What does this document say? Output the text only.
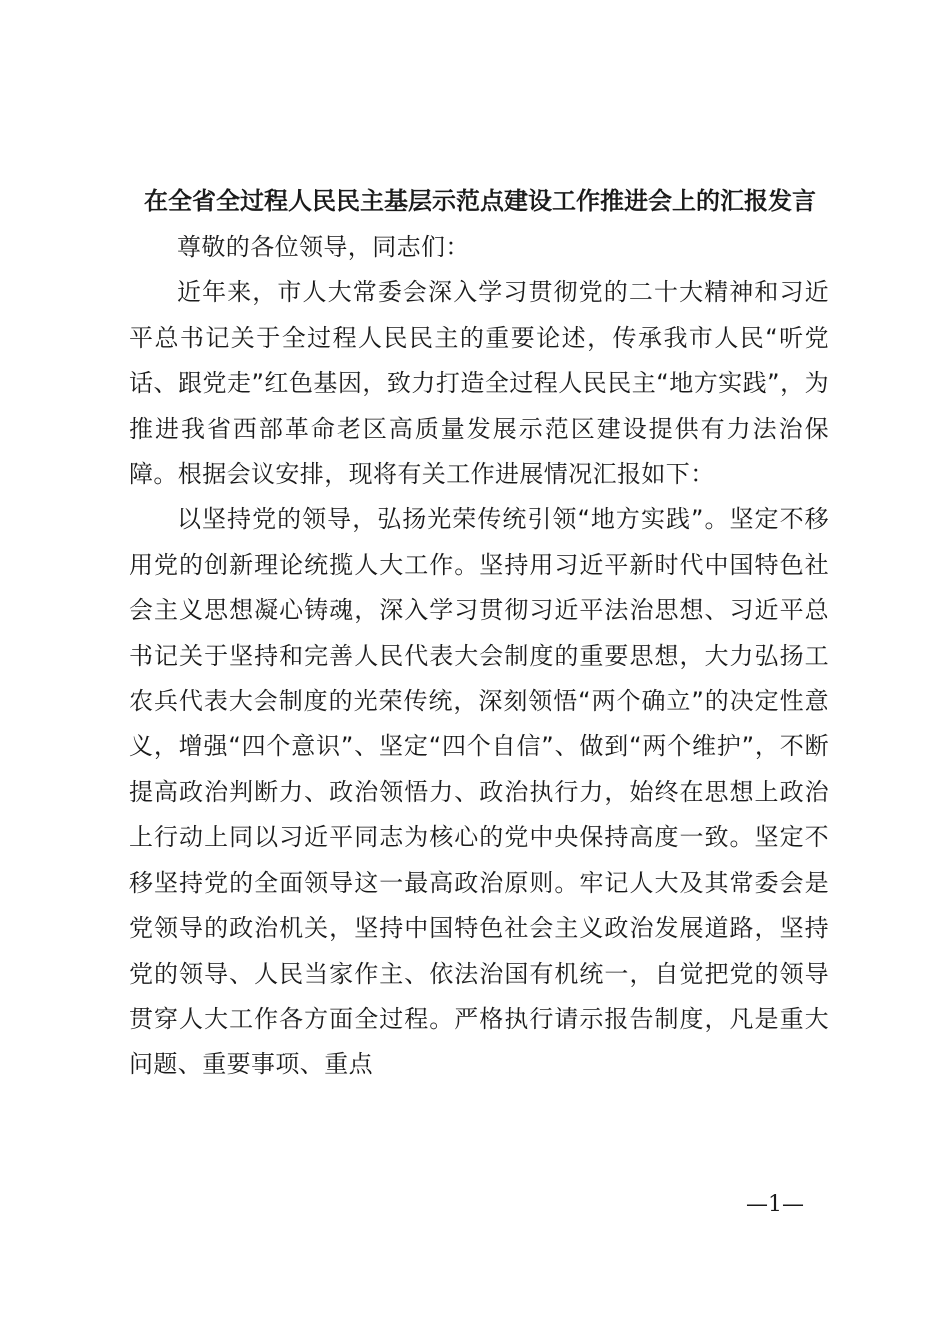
在全省全过程人民民主基层示范点建设工作推进会上的汇报发言

尊敬的各位领导，同志们：

近年来，市人大常委会深入学习贯彻党的二十大精神和习近平总书记关于全过程人民民主的重要论述，传承我市人民“听党话、跟党走”红色基因，致力打造全过程人民民主“地方实践”，为推进我省西部革命老区高质量发展示范区建设提供有力法治保障。根据会议安排，现将有关工作进展情况汇报如下：

以坚持党的领导，弘扬光荣传统引领“地方实践”。坚定不移用党的创新理论统揽人大工作。坚持用习近平新时代中国特色社会主义思想凝心铸魂，深入学习贯彻习近平法治思想、习近平总书记关于坚持和完善人民代表大会制度的重要思想，大力弘扬工农兵代表大会制度的光荣传统，深刻领悟“两个确立”的决定性意义，增强“四个意识”、坚定“四个自信”、做到“两个维护”，不断提高政治判断力、政治领悟力、政治执行力，始终在思想上政治上行动上同以习近平同志为核心的党中央保持高度一致。坚定不移坚持党的全面领导这一最高政治原则。牢记人大及其常委会是党领导的政治机关，坚持中国特色社会主义政治发展道路，坚持党的领导、人民当家作主、依法治国有机统一，自觉把党的领导贯穿人大工作各方面全过程。严格执行请示报告制度，凡是重大问题、重要事项、重点

—1—
